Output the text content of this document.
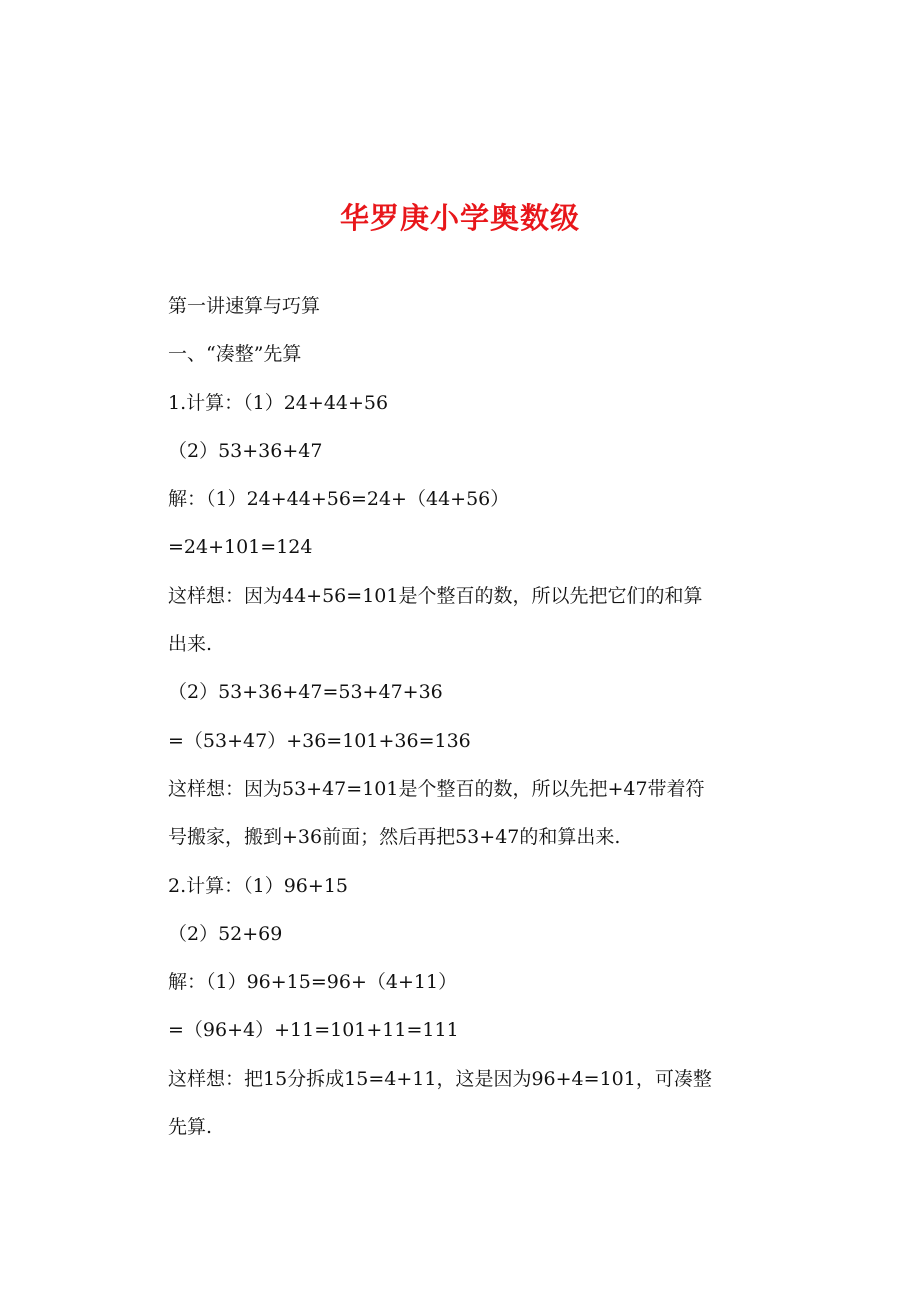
华罗庚小学奥数级
第一讲速算与巧算
一、“凑整”先算
1.计算：（1）24+44+56
（2）53+36+47
解：（1）24+44+56=24+（44+56）
=24+101=124
这样想：因为44+56=101是个整百的数，所以先把它们的和算
出来.
（2）53+36+47=53+47+36
=（53+47）+36=101+36=136
这样想：因为53+47=101是个整百的数，所以先把+47带着符
号搬家，搬到+36前面；然后再把53+47的和算出来.
2.计算：（1）96+15
（2）52+69
解：（1）96+15=96+（4+11）
=（96+4）+11=101+11=111
这样想：把15分拆成15=4+11，这是因为96+4=101，可凑整
先算.
